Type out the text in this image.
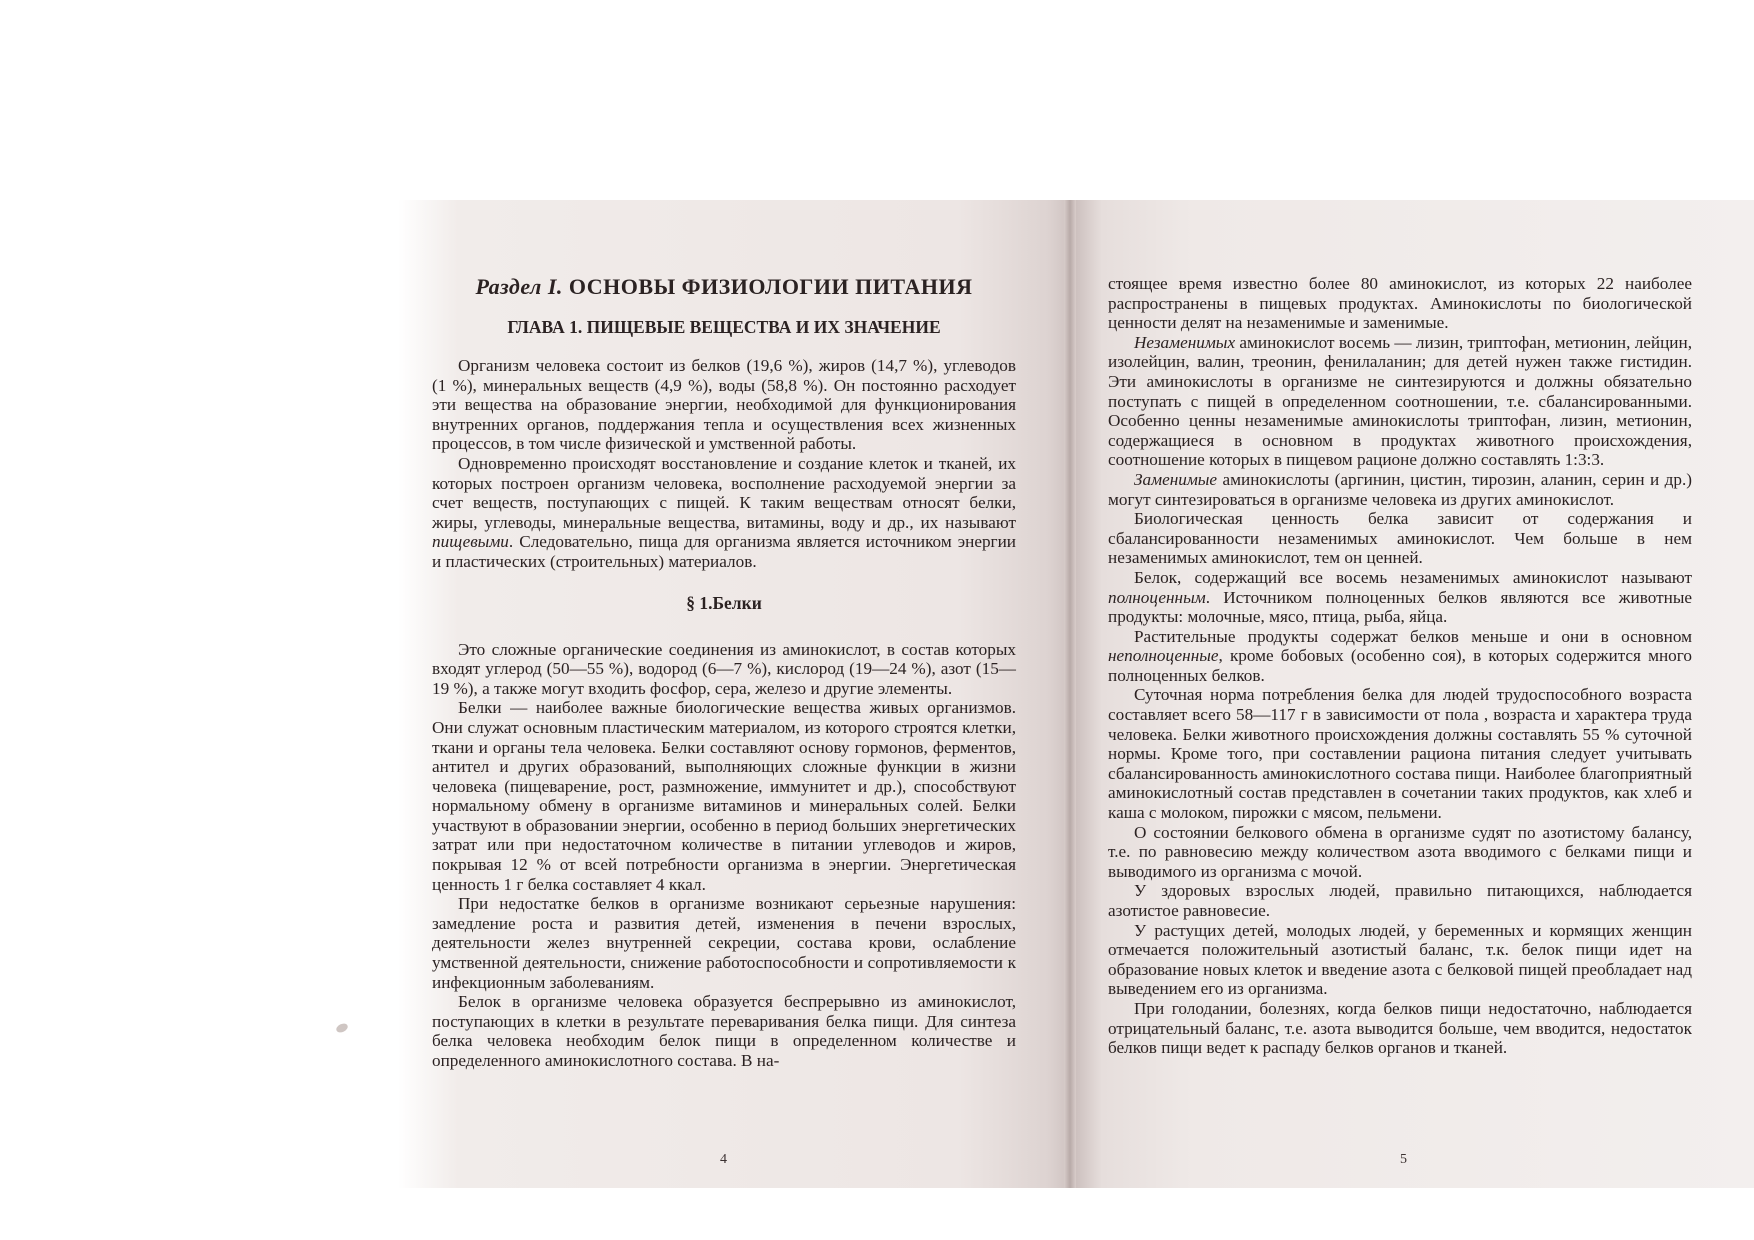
Раздел I. ОСНОВЫ ФИЗИОЛОГИИ ПИТАНИЯ
ГЛАВА 1. ПИЩЕВЫЕ ВЕЩЕСТВА И ИХ ЗНАЧЕНИЕ

Организм человека состоит из белков (19,6 %), жиров (14,7 %), углеводов (1 %), минеральных веществ (4,9 %), воды (58,8 %). Он постоянно расходует эти вещества на образование энергии, необходимой для функционирования внутренних органов, поддержания тепла и осуществления всех жизненных процессов, в том числе физической и умственной работы.

Одновременно происходят восстановление и создание клеток и тканей, их которых построен организм человека, восполнение расходуемой энергии за счет веществ, поступающих с пищей. К таким веществам относят белки, жиры, углеводы, минеральные вещества, витамины, воду и др., их называют пищевыми. Следовательно, пища для организма является источником энергии и пластических (строительных) материалов.

§ 1.Белки

Это сложные органические соединения из аминокислот, в состав которых входят углерод (50—55 %), водород (6—7 %), кислород (19—24 %), азот (15—19 %), а также могут входить фосфор, сера, железо и другие элементы.

Белки — наиболее важные биологические вещества живых организмов. Они служат основным пластическим материалом, из которого строятся клетки, ткани и органы тела человека. Белки составляют основу гормонов, ферментов, антител и других образований, выполняющих сложные функции в жизни человека (пищеварение, рост, размножение, иммунитет и др.), способствуют нормальному обмену в организме витаминов и минеральных солей. Белки участвуют в образовании энергии, особенно в период больших энергетических затрат или при недостаточном количестве в питании углеводов и жиров, покрывая 12 % от всей потребности организма в энергии. Энергетическая ценность 1 г белка составляет 4 ккал.

При недостатке белков в организме возникают серьезные нарушения: замедление роста и развития детей, изменения в печени взрослых, деятельности желез внутренней секреции, состава крови, ослабление умственной деятельности, снижение работоспособности и сопротивляемости к инфекционным заболеваниям.

Белок в организме человека образуется беспрерывно из аминокислот, поступающих в клетки в результате переваривания белка пищи. Для синтеза белка человека необходим белок пищи в определенном количестве и определенного аминокислотного состава. В на-

стоящее время известно более 80 аминокислот, из которых 22 наиболее распространены в пищевых продуктах. Аминокислоты по биологической ценности делят на незаменимые и заменимые.

Незаменимых аминокислот восемь — лизин, триптофан, метионин, лейцин, изолейцин, валин, треонин, фенилаланин; для детей нужен также гистидин. Эти аминокислоты в организме не синтезируются и должны обязательно поступать с пищей в определенном соотношении, т.е. сбалансированными. Особенно ценны незаменимые аминокислоты триптофан, лизин, метионин, содержащиеся в основном в продуктах животного происхождения, соотношение которых в пищевом рационе должно составлять 1:3:3.

Заменимые аминокислоты (аргинин, цистин, тирозин, аланин, серин и др.) могут синтезироваться в организме человека из других аминокислот.

Биологическая ценность белка зависит от содержания и сбалансированности незаменимых аминокислот. Чем больше в нем незаменимых аминокислот, тем он ценней.

Белок, содержащий все восемь незаменимых аминокислот называют полноценным. Источником полноценных белков являются все животные продукты: молочные, мясо, птица, рыба, яйца.

Растительные продукты содержат белков меньше и они в основном неполноценные, кроме бобовых (особенно соя), в которых содержится много полноценных белков.

Суточная норма потребления белка для людей трудоспособного возраста составляет всего 58—117 г в зависимости от пола , возраста и характера труда человека. Белки животного происхождения должны составлять 55 % суточной нормы. Кроме того, при составлении рациона питания следует учитывать сбалансированность аминокислотного состава пищи. Наиболее благоприятный аминокислотный состав представлен в сочетании таких продуктов, как хлеб и каша с молоком, пирожки с мясом, пельмени.

О состоянии белкового обмена в организме судят по азотистому балансу, т.е. по равновесию между количеством азота вводимого с белками пищи и выводимого из организма с мочой.

У здоровых взрослых людей, правильно питающихся, наблюдается азотистое равновесие.

У растущих детей, молодых людей, у беременных и кормящих женщин отмечается положительный азотистый баланс, т.к. белок пищи идет на образование новых клеток и введение азота с белковой пищей преобладает над выведением его из организма.

При голодании, болезнях, когда белков пищи недостаточно, наблюдается отрицательный баланс, т.е. азота выводится больше, чем вводится, недостаток белков пищи ведет к распаду белков органов и тканей.

4	5
